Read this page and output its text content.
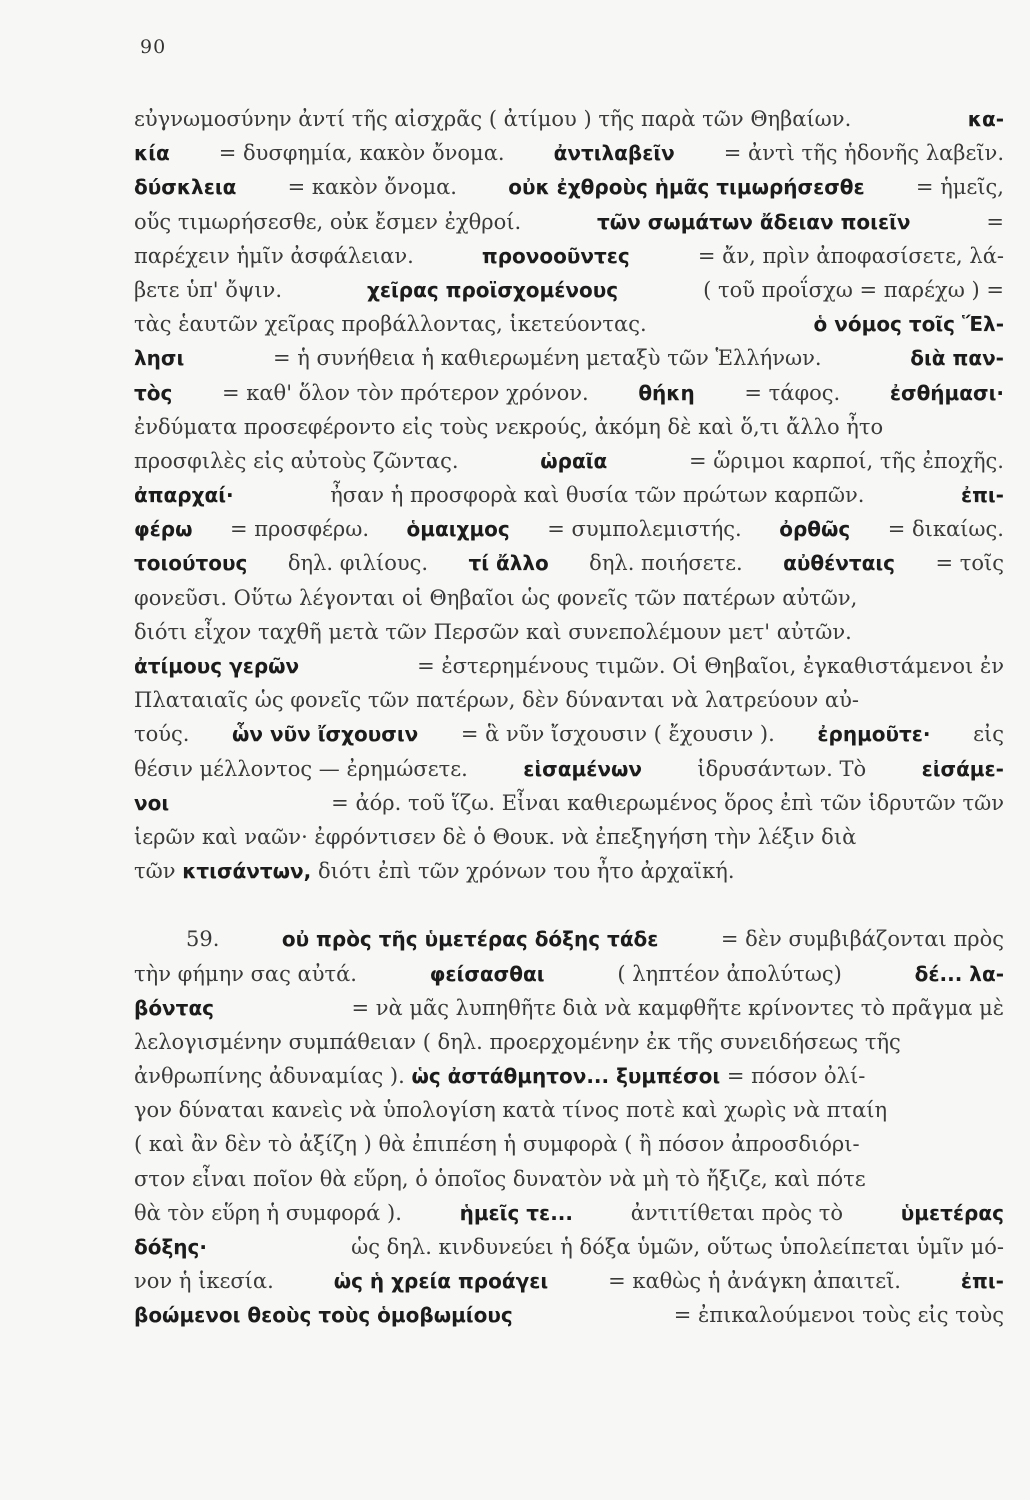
90
εὐγνωμοσύνην ἀντί τῆς αἰσχρᾶς ( ἀτίμου ) τῆς παρὰ τῶν Θηβαίων.	κα-
κία = δυσφημία, κακὸν ὄνομα. ἀντιλαβεῖν = ἀντὶ τῆς ἡδονῆς λαβεῖν.
δύσκλεια = κακὸν ὄνομα.	οὐκ ἐχθροὺς ἡμᾶς τιμωρήσεσθε = ἡμεῖς,
οὕς τιμωρήσεσθε, οὐκ ἔσμεν ἐχθροί.	τῶν σωμάτων ἄδειαν ποιεῖν	=
παρέχειν ἡμῖν ἀσφάλειαν.	προνοοῦντες	= ἄν, πρὶν ἀποφασίσετε, λά-
βετε ὑπ' ὄψιν.	χεῖρας προϊσχομένους	( τοῦ προΐσχω = παρέχω ) =
τὰς ἑαυτῶν χεῖρας προβάλλοντας, ἱκετεύοντας.	ὁ νόμος τοῖς Ἕλ-
λησι	= ἡ συνήθεια ἡ καθιερωμένη μεταξὺ τῶν Ἑλλήνων.	διὰ παν-
τὸς = καθ' ὅλον τὸν πρότερον χρόνον. θήκη = τάφος. ἐσθήμασι·
ἐνδύματα προσεφέροντο εἰς τοὺς νεκρούς, ἀκόμη δὲ καὶ ὅ,τι ἄλλο ἦτο
προσφιλὲς εἰς αὐτοὺς ζῶντας.	ὡραῖα	= ὥριμοι καρποί, τῆς ἐποχῆς.
ἀπαρχαί·	ἦσαν ἡ προσφορὰ καὶ θυσία τῶν πρώτων καρπῶν.	ἐπι-
φέρω = προσφέρω. ὁμαιχμος = συμπολεμιστής. ὀρθῶς = δικαίως.
τοιούτους δηλ. φιλίους. τί ἄλλο δηλ. ποιήσετε. αὐθένταις = τοῖς
φονεῦσι. Οὕτω λέγονται οἱ Θηβαῖοι ὡς φονεῖς τῶν πατέρων αὐτῶν,
διότι εἶχον ταχθῆ μετὰ τῶν Περσῶν καὶ συνεπολέμουν μετ' αὐτῶν.
ἀτίμους γερῶν	= ἐστερημένους τιμῶν. Οἱ Θηβαῖοι, ἐγκαθιστάμενοι ἐν
Πλαταιαῖς ὡς φονεῖς τῶν πατέρων, δὲν δύνανται νὰ λατρεύουν αὐ-
τούς. ὧν νῦν ἴσχουσιν = ἃ νῦν ἴσχουσιν ( ἔχουσιν ). ἐρημοῦτε· εἰς
θέσιν μέλλοντος — ἐρημώσετε.	εἱσαμένων	ἱδρυσάντων. Τὸ	εἰσάμε-
νοι	= ἀόρ. τοῦ ἵζω. Εἶναι καθιερωμένος ὅρος ἐπὶ τῶν ἱδρυτῶν τῶν
ἱερῶν καὶ ναῶν· ἐφρόντισεν δὲ ὁ Θουκ. νὰ ἐπεξηγήση τὴν λέξιν διὰ
τῶν
κτισάντων,
διότι ἐπὶ τῶν χρόνων του ἦτο ἀρχαϊκή.
59.	οὐ πρὸς τῆς ὑμετέρας δόξης τάδε	= δὲν συμβιβάζονται πρὸς
τὴν φήμην σας αὐτά.	φείσασθαι	( ληπτέον ἀπολύτως)	δέ... λα-
βόντας	= νὰ μᾶς λυπηθῆτε διὰ νὰ καμφθῆτε κρίνοντες τὸ πρᾶγμα μὲ
λελογισμένην συμπάθειαν ( δηλ. προερχομένην ἐκ τῆς συνειδήσεως τῆς
ἀνθρωπίνης ἀδυναμίας ).
ὡς ἀστάθμητον... ξυμπέσοι
= πόσον ὀλί-
γον δύναται κανεὶς νὰ ὑπολογίση κατὰ τίνος ποτὲ καὶ χωρὶς νὰ πταίη
( καὶ ἂν δὲν τὸ ἀξίζη ) θὰ ἐπιπέση ἡ συμφορὰ ( ἢ πόσον ἀπροσδιόρι-
στον εἶναι ποῖον θὰ εὕρη, ὁ ὁποῖος δυνατὸν νὰ μὴ τὸ ἤξιζε, καὶ πότε
θὰ τὸν εὕρη ἡ συμφορά ).	ἡμεῖς τε...	ἀντιτίθεται πρὸς τὸ	ὑμετέρας
δόξης·	ὡς δηλ. κινδυνεύει ἡ δόξα ὑμῶν, οὕτως ὑπολείπεται ὑμῖν μό-
νον ἡ ἱκεσία.	ὡς ἡ χρεία προάγει	= καθὼς ἡ ἀνάγκη ἀπαιτεῖ.	ἐπι-
βοώμενοι θεοὺς τοὺς ὁμοβωμίους	= ἐπικαλούμενοι τοὺς εἰς τοὺς
